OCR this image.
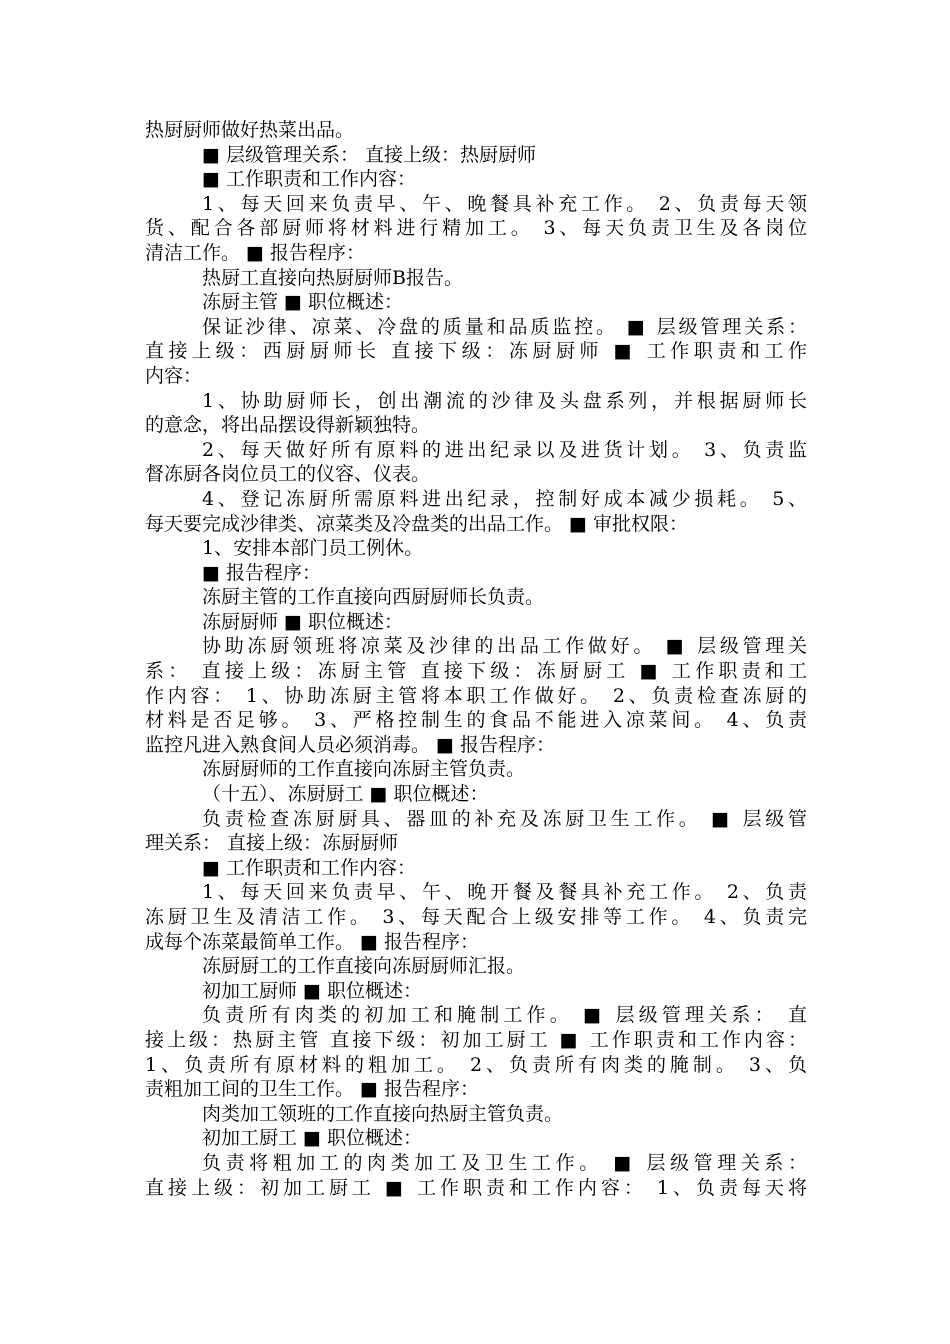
热厨厨师做好热菜出品。
■ 层级管理关系： 直接上级：热厨厨师
■ 工作职责和工作内容：
1、每天回来负责早、午、晚餐具补充工作。 2、负责每天领
货、配合各部厨师将材料进行精加工。 3、每天负责卫生及各岗位
清洁工作。 ■ 报告程序：
热厨工直接向热厨厨师B报告。
冻厨主管 ■ 职位概述：
保证沙律、凉菜、冷盘的质量和品质监控。 ■ 层级管理关系：
直接上级：西厨厨师长 直接下级：冻厨厨师 ■ 工作职责和工作
内容：
1、协助厨师长，创出潮流的沙律及头盘系列，并根据厨师长
的意念，将出品摆设得新颖独特。
2、每天做好所有原料的进出纪录以及进货计划。 3、负责监
督冻厨各岗位员工的仪容、仪表。
4、登记冻厨所需原料进出纪录，控制好成本减少损耗。 5、
每天要完成沙律类、凉菜类及冷盘类的出品工作。 ■ 审批权限：
1、安排本部门员工例休。
■ 报告程序：
冻厨主管的工作直接向西厨厨师长负责。
冻厨厨师 ■ 职位概述：
协助冻厨领班将凉菜及沙律的出品工作做好。 ■ 层级管理关
系： 直接上级：冻厨主管 直接下级：冻厨厨工 ■ 工作职责和工
作内容： 1、协助冻厨主管将本职工作做好。 2、负责检查冻厨的
材料是否足够。 3、严格控制生的食品不能进入凉菜间。 4、负责
监控凡进入熟食间人员必须消毒。 ■ 报告程序：
冻厨厨师的工作直接向冻厨主管负责。
（十五）、冻厨厨工 ■ 职位概述：
负责检查冻厨厨具、器皿的补充及冻厨卫生工作。 ■ 层级管
理关系： 直接上级：冻厨厨师
■ 工作职责和工作内容：
1、每天回来负责早、午、晚开餐及餐具补充工作。 2、负责
冻厨卫生及清洁工作。 3、每天配合上级安排等工作。 4、负责完
成每个冻菜最简单工作。 ■ 报告程序：
冻厨厨工的工作直接向冻厨厨师汇报。
初加工厨师 ■ 职位概述：
负责所有肉类的初加工和腌制工作。 ■ 层级管理关系： 直
接上级：热厨主管 直接下级：初加工厨工 ■ 工作职责和工作内容：
1、负责所有原材料的粗加工。 2、负责所有肉类的腌制。 3、负
责粗加工间的卫生工作。 ■ 报告程序：
肉类加工领班的工作直接向热厨主管负责。
初加工厨工 ■ 职位概述：
负责将粗加工的肉类加工及卫生工作。 ■ 层级管理关系：
直接上级：初加工厨工 ■ 工作职责和工作内容： 1、负责每天将
